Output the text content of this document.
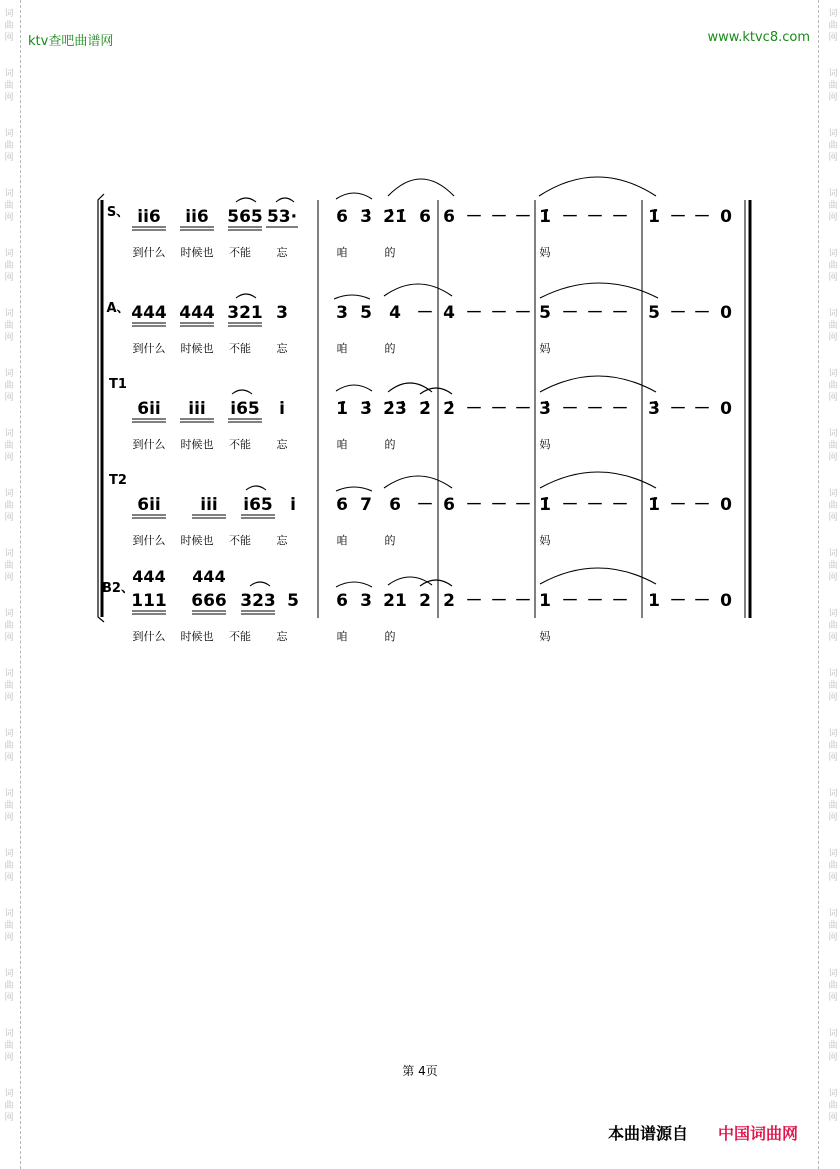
词
曲
网
词
曲
网
词
曲
网
词
曲
网
词
曲
网
词
曲
网
词
曲
网
词
曲
网
词
曲
网
词
曲
网
词
曲
网
词
曲
网
词
曲
网
词
曲
网
词
曲
网
词
曲
网
词
曲
网
词
曲
网
词
曲
网
词
曲
网
词
曲
网
词
曲
网
词
曲
网
词
曲
网
词
曲
网
词
曲
网
词
曲
网
词
曲
网
词
曲
网
词
曲
网
词
曲
网
词
曲
网
词
曲
网
词
曲
网
词
曲
网
词
曲
网
词
曲
网
词
曲
网
ktv查吧曲谱网	www.ktvc8.com
S、 i̇i̇6 i̇i̇6 565 53· 6 3̇ 2̇1̇ 6 6 － － － 1̇ － － － 1̇ － － 0
到什么 时候也 不能 忘	咱	的	妈
A、 444 444 321 3	3 5 4 － 4 － － － 5 － － － 5 － － 0
到什么 时候也 不能 忘	咱	的	妈
T1
6i̇i̇ i̇i̇i̇ i̇65 i̇	1̇ 3̇ 2̇3̇ 2̇ 2̇ － － － 3̇ － － － 3̇ － － 0
到什么 时候也 不能 忘	咱	的	妈
T2
6i̇i̇ i̇i̇i̇ i̇65 i̇ 6 7 6 － 6 － － － 1̇ － － － 1̇ － － 0
到什么 时候也 不能 忘	咱	的	妈
B2、
444 444
111 666 323 5 6 3 21 2 2 － － － 1 － － － 1 － － 0
到什么 时候也 不能 忘	咱	的	妈
第 4页
本曲谱源自 中国词曲网
